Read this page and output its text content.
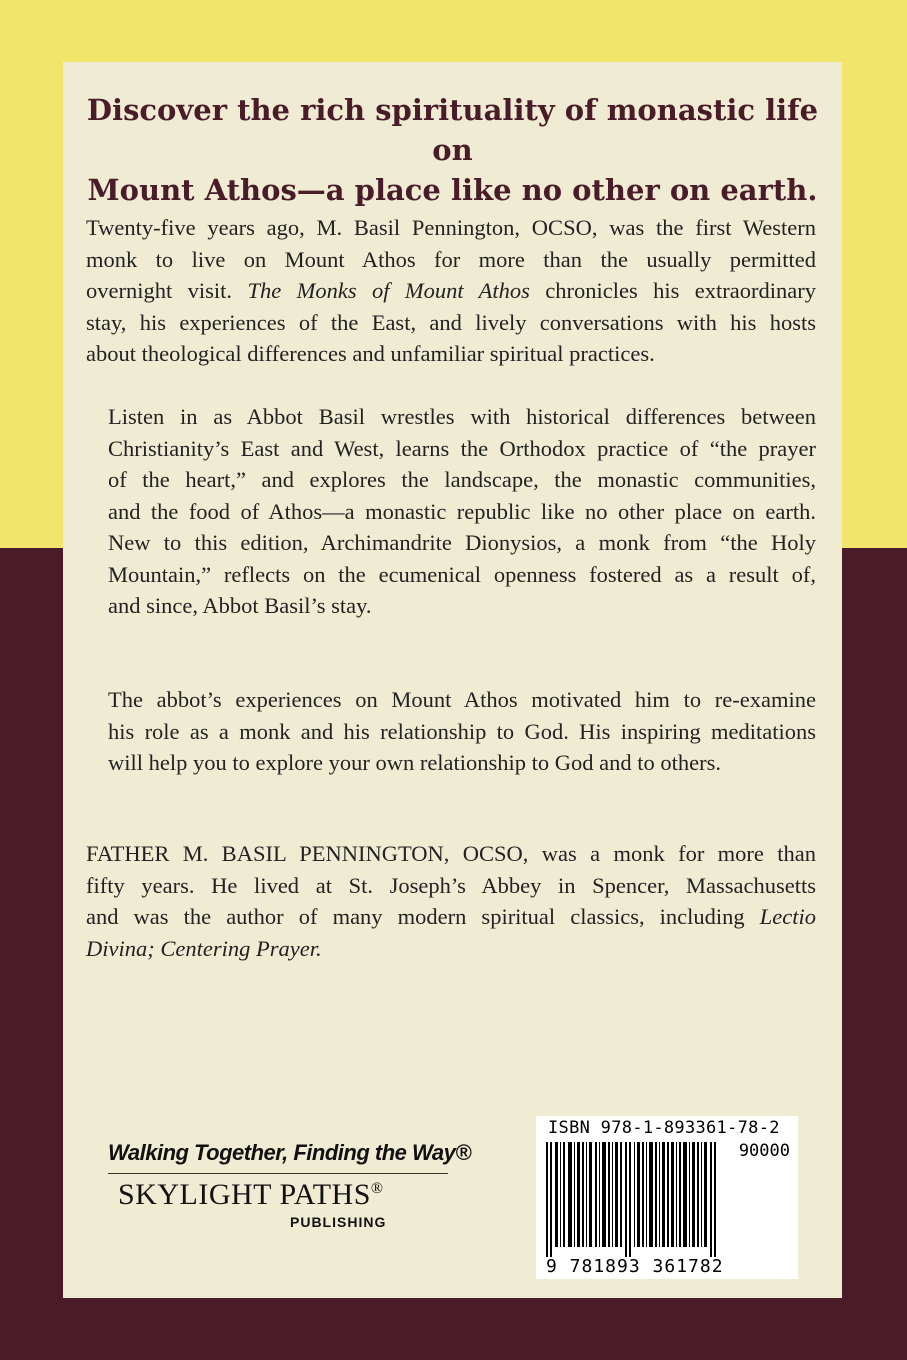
Discover the rich spirituality of monastic life on
Mount Athos—a place like no other on earth.

Twenty-five years ago, M. Basil Pennington, OCSO, was the first Western
monk to live on Mount Athos for more than the usually permitted
overnight visit. The Monks of Mount Athos chronicles his extraordinary
stay, his experiences of the East, and lively conversations with his hosts
about theological differences and unfamiliar spiritual practices.

Listen in as Abbot Basil wrestles with historical differences between
Christianity’s East and West, learns the Orthodox practice of “the prayer
of the heart,” and explores the landscape, the monastic communities,
and the food of Athos—a monastic republic like no other place on earth.
New to this edition, Archimandrite Dionysios, a monk from “the Holy
Mountain,” reflects on the ecumenical openness fostered as a result of,
and since, Abbot Basil’s stay.

The abbot’s experiences on Mount Athos motivated him to re-examine
his role as a monk and his relationship to God. His inspiring meditations
will help you to explore your own relationship to God and to others.

FATHER M. BASIL PENNINGTON, OCSO, was a monk for more than
fifty years. He lived at St. Joseph’s Abbey in Spencer, Massachusetts
and was the author of many modern spiritual classics, including Lectio
Divina; Centering Prayer.

Walking Together, Finding the Way®
SKYLIGHT PATHS®
PUBLISHING
ISBN 978-1-893361-78-2
90000
9 781893 361782
